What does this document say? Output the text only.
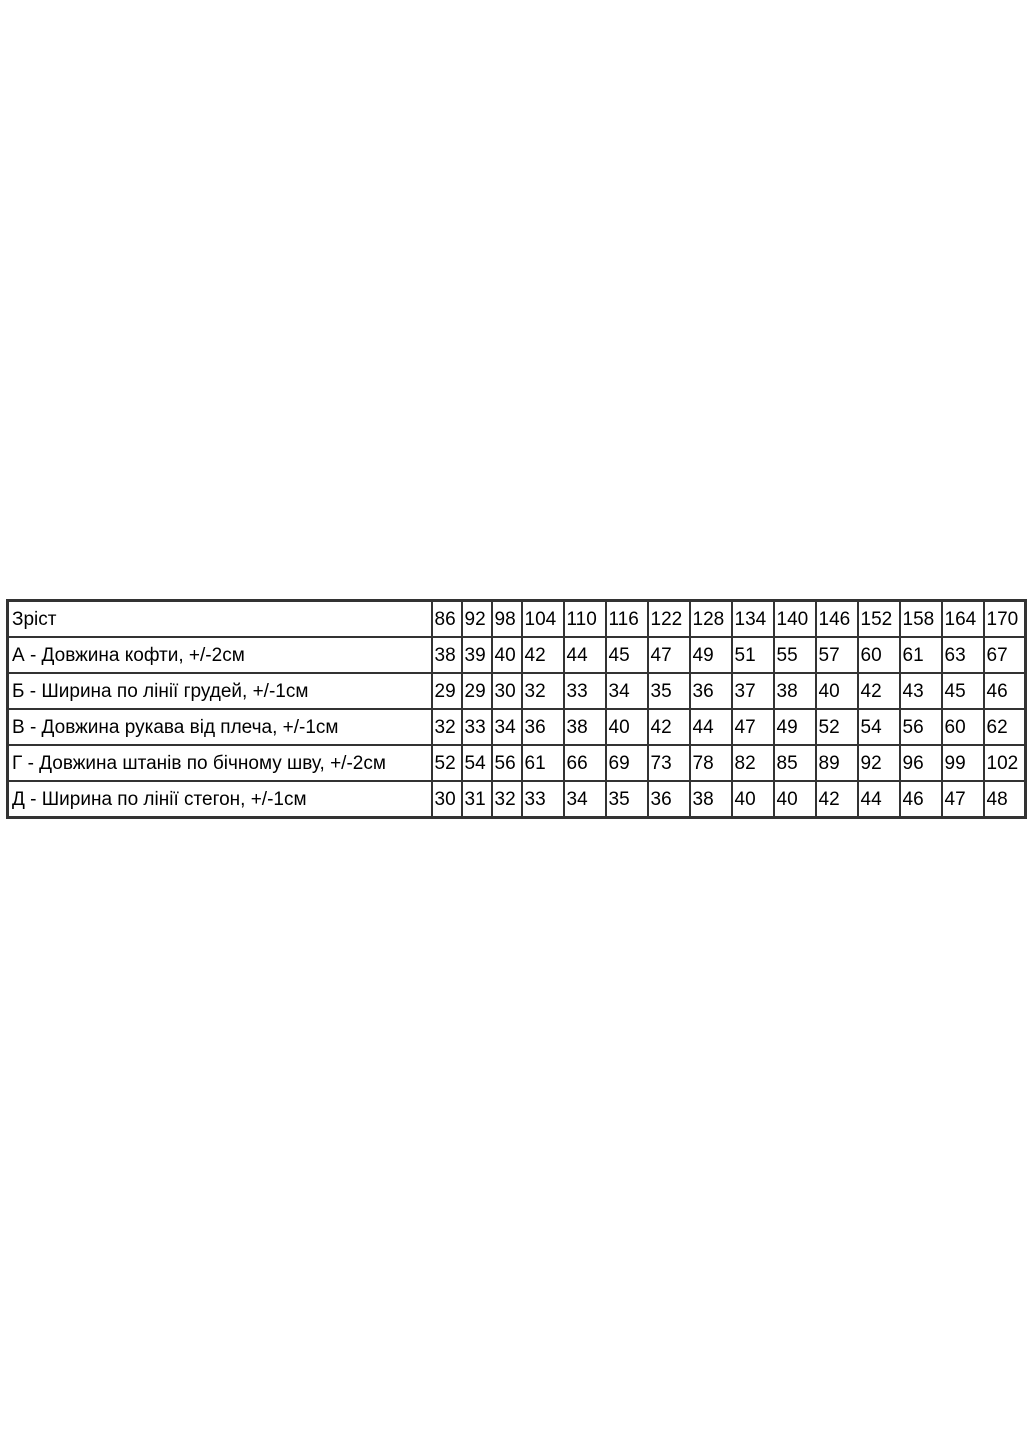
Зріст	86	92	98	104	110	116	122	128	134	140	146	152	158	164	170
А - Довжина кофти, +/-2см	38	39	40	42	44	45	47	49	51	55	57	60	61	63	67
Б - Ширина по лінії грудей, +/-1см	29	29	30	32	33	34	35	36	37	38	40	42	43	45	46
В - Довжина рукава від плеча, +/-1см	32	33	34	36	38	40	42	44	47	49	52	54	56	60	62
Г - Довжина штанів по бічному шву, +/-2см	52	54	56	61	66	69	73	78	82	85	89	92	96	99	102
Д - Ширина по лінії стегон, +/-1см	30	31	32	33	34	35	36	38	40	40	42	44	46	47	48
